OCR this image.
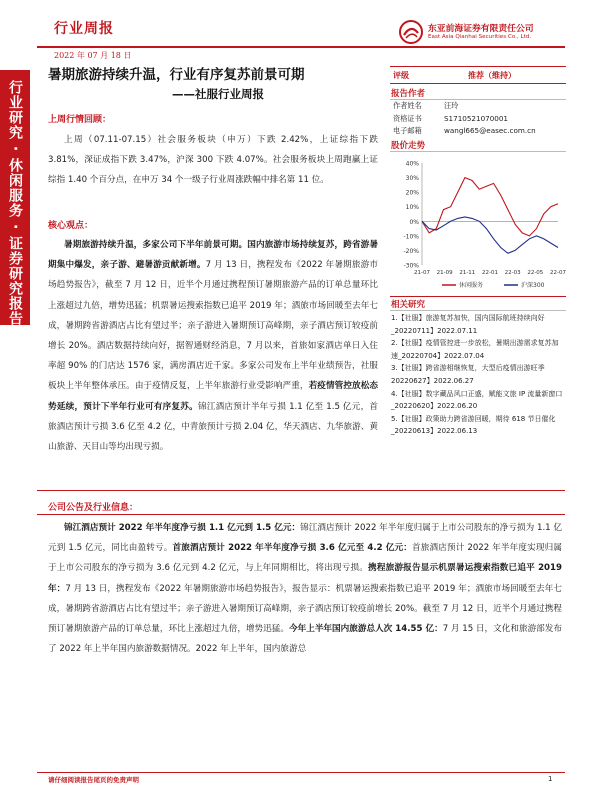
行业周报
2022 年 07 月 18 日
东亚前海证券有限责任公司
East Asia Qianhai Securities Co., Ltd.
行业研究 · 休闲服务 · 证券研究报告
暑期旅游持续升温，行业有序复苏前景可期
——社服行业周报
上周行情回顾：
上周（07.11-07.15）社会服务板块（申万）下跌 2.42%，上证综指下跌 3.81%，深证成指下跌 3.47%，沪深 300 下跌 4.07%。社会服务板块上周跑赢上证综指 1.40 个百分点，在申万 34 个一级子行业周涨跌幅中排名第 11 位。
核心观点：
暑期旅游持续升温，多家公司下半年前景可期。国内旅游市场持续复苏，跨省游暑期集中爆发，亲子游、避暑游贡献新增。7 月 13 日，携程发布《2022 年暑期旅游市场趋势报告》，截至 7 月 12 日，近半个月通过携程预订暑期旅游产品的订单总量环比上涨超过九倍，增势迅猛；机票暑运搜索指数已追平 2019 年；酒旅市场回暖至去年七成，暑期跨省游酒店占比有望过半；亲子游进入暑期预订高峰期，亲子酒店预订较疫前增长 20%。酒店数据持续向好，据智通财经消息，7 月以来，首旅如家酒店单日入住率超 90% 的门店达 1576 家，满房酒店近千家。多家公司发布上半年业绩预告，社服板块上半年整体承压。由于疫情反复，上半年旅游行业受影响严重，若疫情管控放松态势延续，预计下半年行业可有序复苏。锦江酒店预计半年亏损 1.1 亿至 1.5 亿元，首旅酒店预计亏损 3.6 亿至 4.2 亿，中青旅预计亏损 2.04 亿，华天酒店、九华旅游、黄山旅游、天目山等均出现亏损。
公司公告及行业信息：
锦江酒店预计 2022 年半年度净亏损 1.1 亿元到 1.5 亿元：锦江酒店预计 2022 年半年度归属于上市公司股东的净亏损为 1.1 亿元到 1.5 亿元，同比由盈转亏。首旅酒店预计 2022 年半年度净亏损 3.6 亿元至 4.2 亿元：首旅酒店预计 2022 年半年度实现归属于上市公司股东的净亏损为 3.6 亿元到 4.2 亿元，与上年同期相比，将出现亏损。携程旅游报告显示机票暑运搜索指数已追平 2019 年：7 月 13 日，携程发布《2022 年暑期旅游市场趋势报告》，报告显示：机票暑运搜索指数已追平 2019 年；酒旅市场回暖至去年七成，暑期跨省游酒店占比有望过半；亲子游进入暑期预订高峰期，亲子酒店预订较疫前增长 20%。截至 7 月 12 日，近半个月通过携程预订暑期旅游产品的订单总量，环比上涨超过九倍，增势迅猛。今年上半年国内旅游总人次 14.55 亿：7 月 15 日，文化和旅游部发布了 2022 年上半年国内旅游数据情况。2022 年上半年，国内旅游总
评级	推荐（维持）
报告作者
作者姓名	汪玲
资格证书	S1710521070001
电子邮箱	wangl665@easec.com.cn
股价走势
40%
30%
20%
10%
0%
-10%
-20%
-30%
21-07 21-09 21-11 22-01 22-03 22-05 22-07
休闲服务	沪深300
相关研究
1.【社服】旅游复苏加快，国内国际航班持续向好_20220711】2022.07.11
2.【社服】疫情管控进一步放松，暑期出游需求复苏加速_20220704】2022.07.04
3.【社服】跨省游相继恢复，大型后疫情出游旺季 20220627】2022.06.27
4.【社服】数字藏品风口正盛，赋能文旅 IP 流量新窗口_20220620】2022.06.20
5.【社服】政策助力跨省游回暖，期待 618 节日催化_20220613】2022.06.13
请仔细阅读报告尾页的免责声明	1
